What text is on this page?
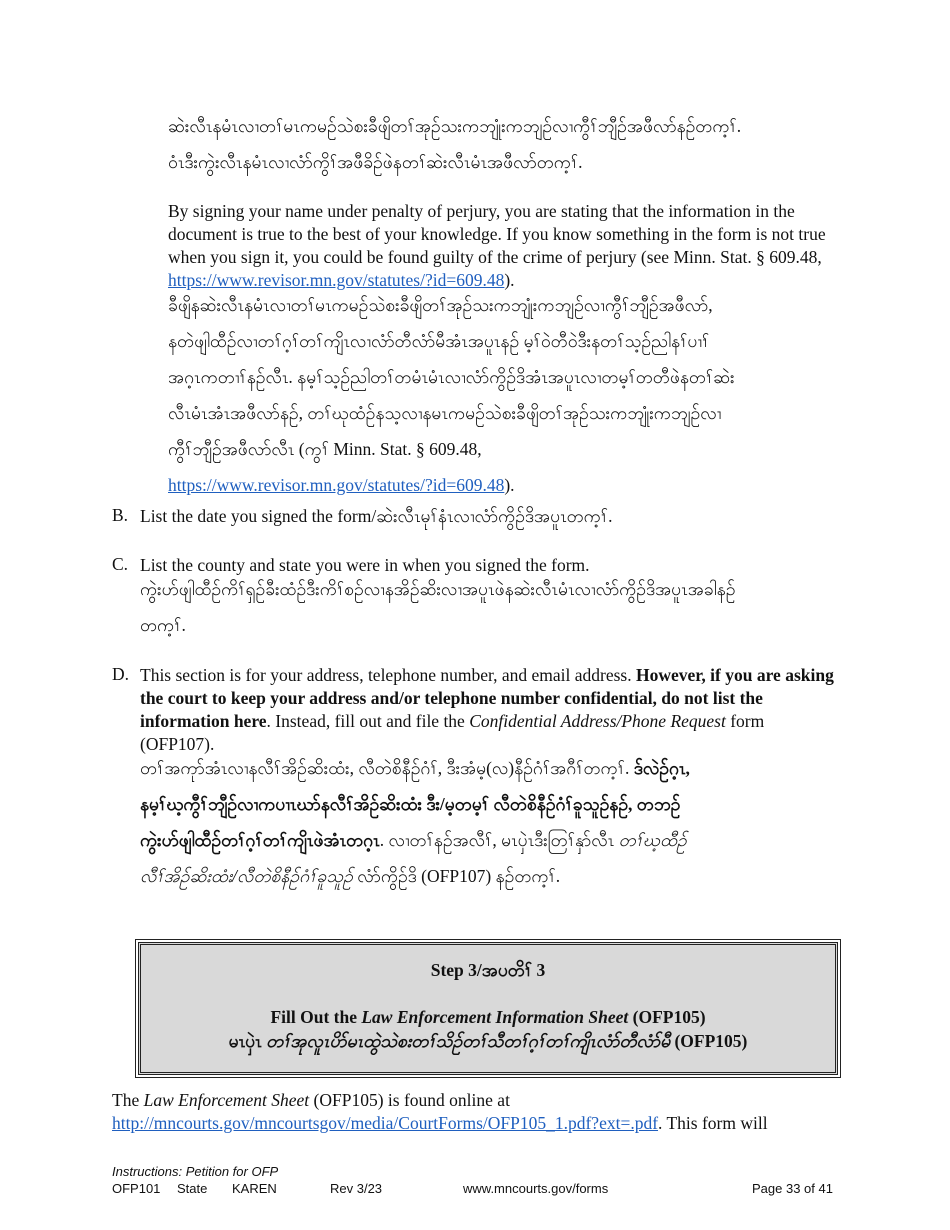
ဆဲးလီၤနမံၤလၢတၢ်မၤကမဉ်သဲစးခီဖျိတၢ်အုဉ်သးကဘျုံးကဘျဉ်လၢကွီၢ်ဘျီဉ်အဖီလာ်နဉ်တက့ၢ်.
ဝံၤဒီးကွဲးလီၤနမံၤလၢလံာ်ကွိၢ်အဖီခိဉ်ဖဲနတၢ်ဆဲးလီၤမံၤအဖီလာ်တက့ၢ်.
By signing your name under penalty of perjury, you are stating that the information in the document is true to the best of your knowledge. If you know something in the form is not true when you sign it, you could be found guilty of the crime of perjury (see Minn. Stat. § 609.48, https://www.revisor.mn.gov/statutes/?id=609.48).
ခီဖျိနဆဲးလီၤနမံၤလၢတၢ်မၤကမဉ်သဲစးခီဖျိတၢ်အုဉ်သးကဘျုံးကဘျဉ်လၢကွီၢ်ဘျီဉ်အဖီလာ်,
နတဲဖျါထီဉ်လၢတၢ်ဂ့ၢ်တၢ်ကျိၤလၢလံာ်တီလံာ်မီအံၤအပူၤနဉ် မ့ၢ်ဝဲတီဝဲဒီးနတၢ်သ့ဉ်ညါနၢ်ပၢၢ်
အဂ့ၤကတၢၢ်နဉ်လီၤ. နမ့ၢ်သ့ဉ်ညါတၢ်တမံၤမံၤလၢလံာ်ကွိဉ်ဒိအံၤအပူၤလၢတမ့ၢ်တတီဖဲနတၢ်ဆဲး
လီၤမံၤအံၤအဖီလာ်နဉ်, တၢ်ဃုထံဉ်နသ့လၢနမၤကမဉ်သဲစးခီဖျိတၢ်အုဉ်သးကဘျုံးကဘျဉ်လၢ
ကွီၢ်ဘျီဉ်အဖီလာ်လီၤ (ကွၢ် Minn. Stat. § 609.48,
https://www.revisor.mn.gov/statutes/?id=609.48).
B. List the date you signed the form/ဆဲးလီၤမုၢ်နံၤလၢလံာ်ကွိဉ်ဒိအပူၤတက့ၢ်.
C. List the county and state you were in when you signed the form.
ကွဲးဟ်ဖျါထီဉ်ကိၢ်ရှဉ်ခီးထံဉ်ဒီးကိၢ်စဉ်လၢနအိဉ်ဆိးလၢအပူၤဖဲနဆဲးလီၤမံၤလၢလံာ်ကွိဉ်ဒိအပူၤအခါနဉ်
တက့ၢ်.
D. This section is for your address, telephone number, and email address. However, if you are asking the court to keep your address and/or telephone number confidential, do not list the information here. Instead, fill out and file the Confidential Address/Phone Request form (OFP107).
တၢ်အကုာ်အံၤလၢနလီၢ်အိဉ်ဆိးထံး, လီတဲစိနီဉ်ဂံၢ်, ဒီးအံမ့(လ)နီဉ်ဂံၢ်အဂီၢ်တက့ၢ်. ဒ်လဲဉ်ဂ့ၤ,
နမ့ၢ်ဃ့ကွီၢ်ဘျီဉ်လၢကပၢၤဃာ်နလီၢ်အိဉ်ဆိးထံး ဒီး/မ့တမ့ၢ် လီတဲစိနီဉ်ဂံၢ်ခူသူဉ်နဉ်, တဘဉ်
ကွဲးဟ်ဖျါထီဉ်တၢ်ဂ့ၢ်တၢ်ကျိၤဖဲအံၤတဂ့ၤ. လၢတၢ်နဉ်အလီၢ်, မၤပှဲၤဒီးတြၢ်နှာ်လီၤ တၢ်ဃ့ထီဉ်
လီၢ်အိဉ်ဆိးထံး/လီတဲစိနီဉ်ဂံၢ်ခူသူဉ် လံာ်ကွိဉ်ဒိ (OFP107) နဉ်တက့ၢ်.
Step 3/အပတိၢ် 3
Fill Out the Law Enforcement Information Sheet (OFP105)
မၤပှဲၤ တၢ်အုလူၤပိာ်မၤထွဲသဲစးတၢ်သိဉ်တၢ်သီတၢ်ဂ့ၢ်တၢ်ကျိၤလံာ်တီလံာ်မီ (OFP105)
The Law Enforcement Sheet (OFP105) is found online at
http://mncourts.gov/mncourtsgov/media/CourtForms/OFP105_1.pdf?ext=.pdf. This form will
Instructions: Petition for OFP
OFP101 State KAREN	Rev 3/23	www.mncourts.gov/forms	Page 33 of 41
